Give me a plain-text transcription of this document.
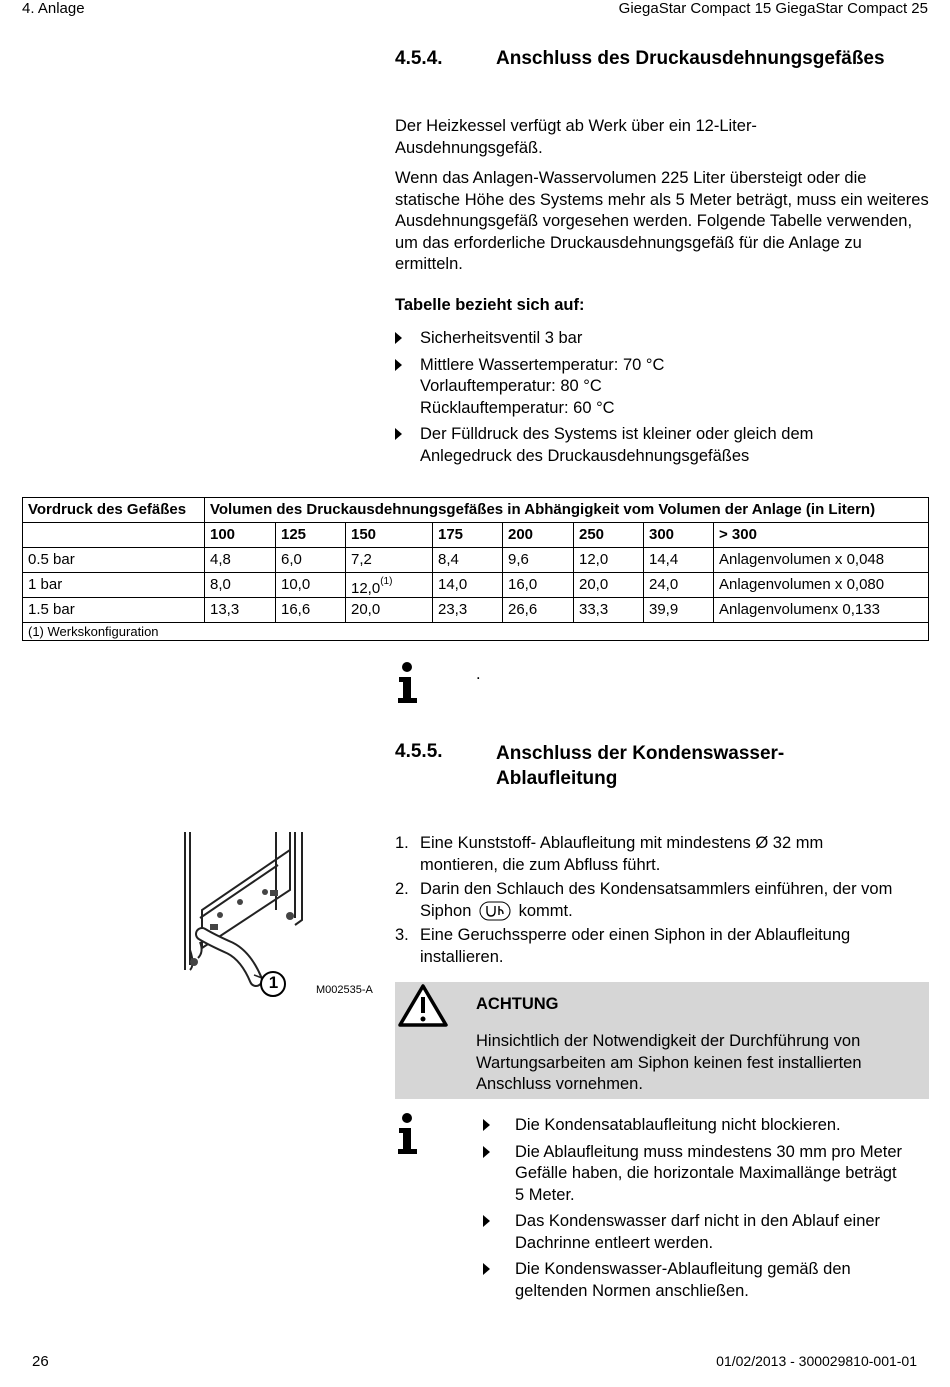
4. Anlage	GiegaStar Compact 15 GiegaStar Compact 25
4.5.4.	Anschluss des Druckausdehnungsgefäßes
Der Heizkessel verfügt ab Werk über ein 12-Liter-Ausdehnungsgefäß.
Wenn das Anlagen-Wasservolumen 225 Liter übersteigt oder die statische Höhe des Systems mehr als 5 Meter beträgt, muss ein weiteres Ausdehnungsgefäß vorgesehen werden. Folgende Tabelle verwenden, um das erforderliche Druckausdehnungsgefäß für die Anlage zu ermitteln.
Tabelle bezieht sich auf:
Sicherheitsventil 3 bar
Mittlere Wassertemperatur: 70 °C
Vorlauftemperatur: 80 °C
Rücklauftemperatur: 60 °C
Der Fülldruck des Systems ist kleiner oder gleich dem
Anlegedruck des Druckausdehnungsgefäßes
Vordruck des Gefäßes	Volumen des Druckausdehnungsgefäßes in Abhängigkeit vom Volumen der Anlage (in Litern)							
	100	125	150	175	200	250	300	> 300
0.5 bar	4,8	6,0	7,2	8,4	9,6	12,0	14,4	Anlagenvolumen x 0,048
1 bar	8,0	10,0	12,0$^{(1)}$	14,0	16,0	20,0	24,0	Anlagenvolumen x 0,080
1.5 bar	13,3	16,6	20,0	23,3	26,6	33,3	39,9	Anlagenvolumenx 0,133
(1) Werkskonfiguration								
.
4.5.5.	Anschluss der Kondenswasser-
Ablaufleitung
1	M002535-A
1. Eine Kunststoff- Ablaufleitung mit mindestens Ø 32 mm
montieren, die zum Abfluss führt.
2. Darin den Schlauch des Kondensatsammlers einführen, der vom
Siphon	kommt.
3. Eine Geruchssperre oder einen Siphon in der Ablaufleitung
installieren.
ACHTUNG
Hinsichtlich der Notwendigkeit der Durchführung von Wartungsarbeiten am Siphon keinen fest installierten Anschluss vornehmen.
Die Kondensatablaufleitung nicht blockieren.
Die Ablaufleitung muss mindestens 30 mm pro Meter
Gefälle haben, die horizontale Maximallänge beträgt
5 Meter.
Das Kondenswasser darf nicht in den Ablauf einer
Dachrinne entleert werden.
Die Kondenswasser-Ablaufleitung gemäß den
geltenden Normen anschließen.
26	01/02/2013 - 300029810-001-01
